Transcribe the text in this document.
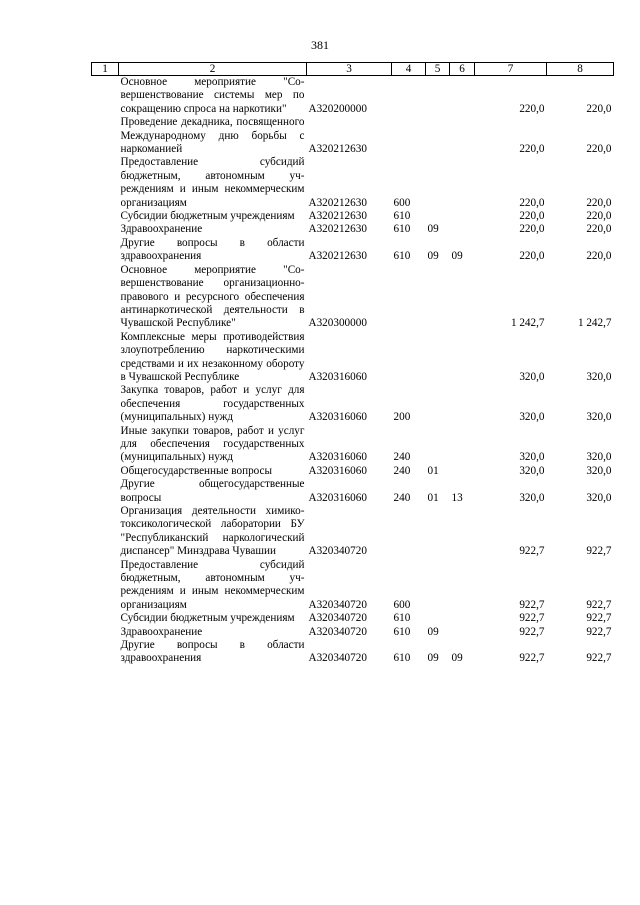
381
1	2	3	4	5	6	7	8
	Основное мероприятие "Совершенствование системы мер по сокращению спроса на наркотики"	А320200000				220,0	220,0
	Проведение декадника, посвященного Международному дню борьбы с наркоманией	А320212630				220,0	220,0
	Предоставление субсидий бюджетным, автономным учреждениям и иным некоммерческим организациям	А320212630	600			220,0	220,0
	Субсидии бюджетным учреждениям	А320212630	610			220,0	220,0
	Здравоохранение	А320212630	610	09		220,0	220,0
	Другие вопросы в области здравоохранения	А320212630	610	09	09	220,0	220,0
	Основное мероприятие "Совершенствование организационно-правового и ресурсного обеспечения антинаркотической деятельности в Чувашской Республике"	А320300000				1 242,7	1 242,7
	Комплексные меры противодействия злоупотреблению наркотическими средствами и их незаконному обороту в Чувашской Республике	А320316060				320,0	320,0
	Закупка товаров, работ и услуг для обеспечения государственных (муниципальных) нужд	А320316060	200			320,0	320,0
	Иные закупки товаров, работ и услуг для обеспечения государственных (муниципальных) нужд	А320316060	240			320,0	320,0
	Общегосударственные вопросы	А320316060	240	01		320,0	320,0
	Другие общегосударственные вопросы	А320316060	240	01	13	320,0	320,0
	Организация деятельности химико-токсикологической лаборатории БУ "Республиканский наркологический диспансер" Минздрава Чувашии	А320340720				922,7	922,7
	Предоставление субсидий бюджетным, автономным учреждениям и иным некоммерческим организациям	А320340720	600			922,7	922,7
	Субсидии бюджетным учреждениям	А320340720	610			922,7	922,7
	Здравоохранение	А320340720	610	09		922,7	922,7
	Другие вопросы в области здравоохранения	А320340720	610	09	09	922,7	922,7
